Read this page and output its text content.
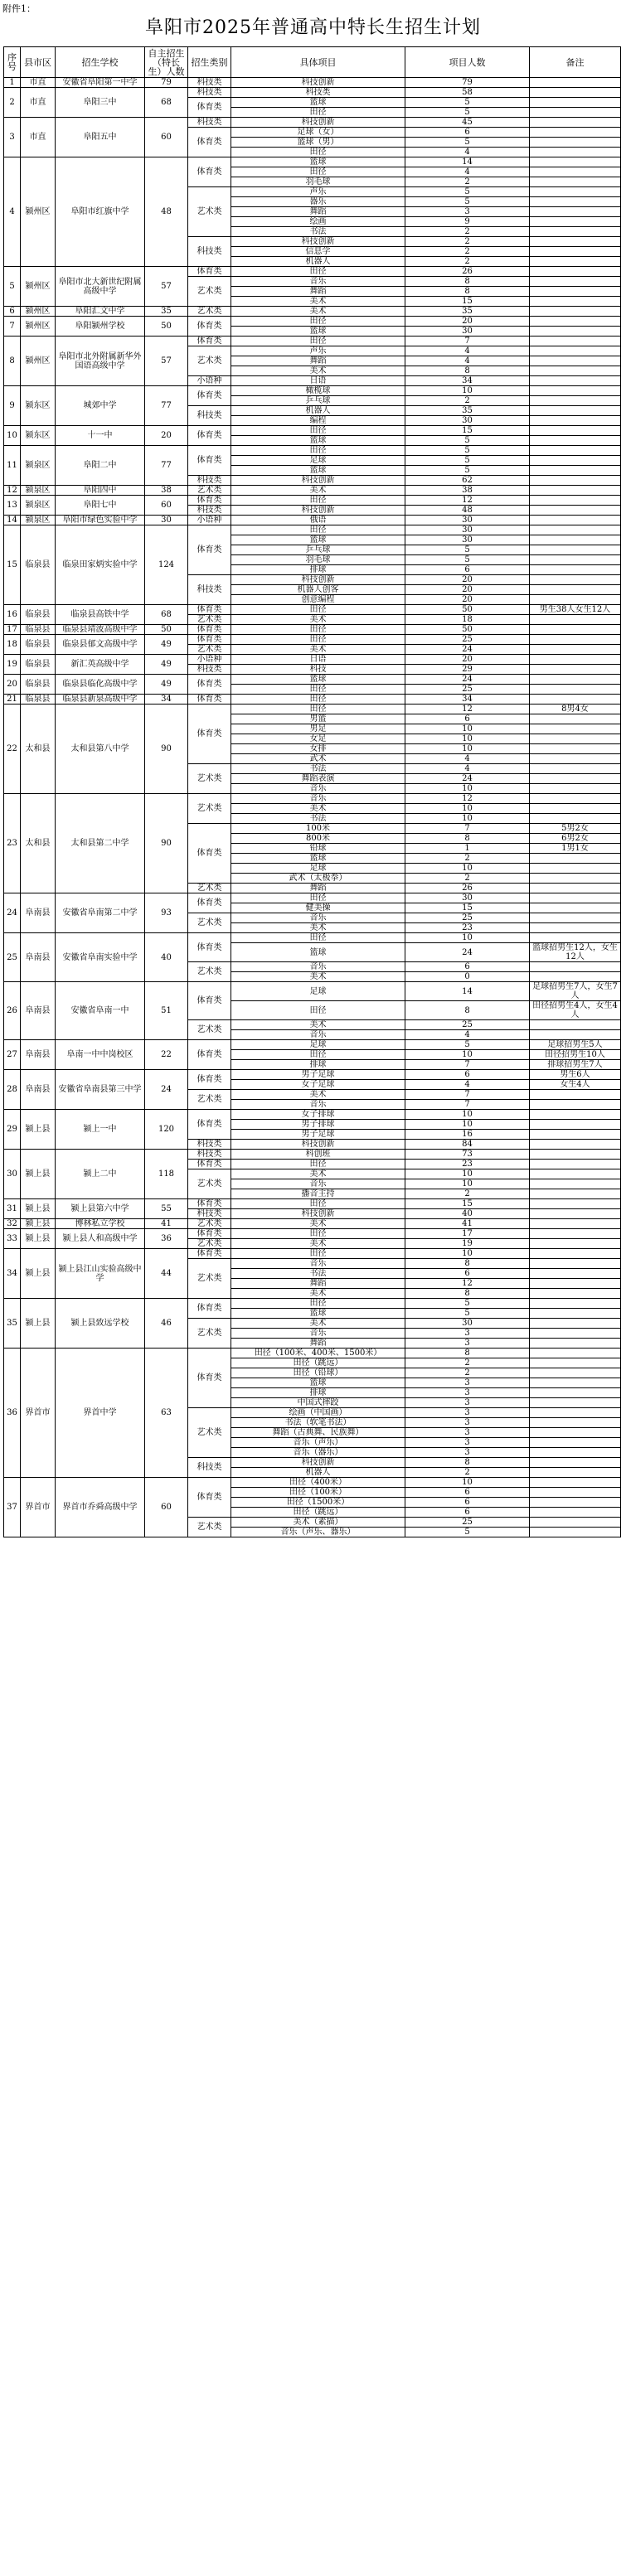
附件1：
阜阳市2025年普通高中特长生招生计划
序号	县市区	招生学校	自主招生（特长生）人数	招生类别	具体项目	项目人数	备注
1	市直	安徽省阜阳第一中学	79	科技类	科技创新	79	
2	市直	阜阳三中	68	科技类	科技类	58	
				体育类	篮球	5	
					田径	5	
3	市直	阜阳五中	60	科技类	科技创新	45	
				体育类	足球（女）	6	
					篮球（男）	5	
					田径	4	
4	颍州区	阜阳市红旗中学	48	体育类	篮球	14	
					田径	4	
					羽毛球	2	
				艺术类	声乐	5	
					器乐	5	
					舞蹈	3	
					绘画	9	
					书法	2	
				科技类	科技创新	2	
					信息学	2	
					机器人	2	
5	颍州区	阜阳市北大新世纪附属高级中学	57	体育类	田径	26	
				艺术类	音乐	8	
					舞蹈	8	
					美术	15	
6	颍州区	阜阳汇文中学	35	艺术类	美术	35	
7	颍州区	阜阳颍州学校	50	体育类	田径	20	
					篮球	30	
8	颍州区	阜阳市北外附属新华外国语高级中学	57	体育类	田径	7	
				艺术类	声乐	4	
					舞蹈	4	
					美术	8	
				小语种	日语	34	
9	颍东区	城郊中学	77	体育类	橄榄球	10	
					乒乓球	2	
				科技类	机器人	35	
					编程	30	
10	颍东区	十一中	20	体育类	田径	15	
					篮球	5	
11	颍泉区	阜阳二中	77	体育类	田径	5	
					足球	5	
					篮球	5	
				科技类	科技创新	62	
12	颍泉区	阜阳四中	38	艺术类	美术	38	
13	颍泉区	阜阳七中	60	体育类	田径	12	
				科技类	科技创新	48	
14	颍泉区	阜阳市绿色实验中学	30	小语种	俄语	30	
15	临泉县	临泉田家炳实验中学	124	体育类	田径	30	
					篮球	30	
					乒乓球	5	
					羽毛球	5	
					排球	6	
				科技类	科技创新	20	
					机器人创客	20	
					创意编程	20	
16	临泉县	临泉县高铁中学	68	体育类	田径	50	男生38人女生12人
				艺术类	美术	18	
17	临泉县	临泉县靖波高级中学	50	体育类	田径	50	
18	临泉县	临泉县郁文高级中学	49	体育类	田径	25	
				艺术类	美术	24	
19	临泉县	新汇英高级中学	49	小语种	日语	20	
				科技类	科技	29	
20	临泉县	临泉县临化高级中学	49	体育类	篮球	24	
					田径	25	
21	临泉县	临泉县新泉高级中学	34	体育类	田径	34	
22	太和县	太和县第八中学	90	体育类	田径	12	8男4女
					男篮	6	
					男足	10	
					女足	10	
					女排	10	
					武术	4	
				艺术类	书法	4	
					舞蹈表演	24	
					音乐	10	
23	太和县	太和县第二中学	90	艺术类	音乐	12	
					美术	10	
					书法	10	
				体育类	100米	7	5男2女
					800米	8	6男2女
					铅球	1	1男1女
					篮球	2	
					足球	10	
					武术（太极拳）	2	
				艺术类	舞蹈	26	
24	阜南县	安徽省阜南第二中学	93	体育类	田径	30	
					健美操	15	
				艺术类	音乐	25	
					美术	23	
25	阜南县	安徽省阜南实验中学	40	体育类	田径	10	
					篮球	24	篮球招男生12人，女生12人
				艺术类	音乐	6	
					美术	0	
26	阜南县	安徽省阜南一中	51	体育类	足球	14	足球招男生7人，女生7人
					田径	8	田径招男生4人，女生4人
				艺术类	美术	25	
					音乐	4	
27	阜南县	阜南一中中岗校区	22	体育类	足球	5	足球招男生5人
					田径	10	田径招男生10人
					排球	7	排球招男生7人
28	阜南县	安徽省阜南县第三中学	24	体育类	男子足球	6	男生6人
					女子足球	4	女生4人
				艺术类	美术	7	
					音乐	7	
29	颍上县	颍上一中	120	体育类	女子排球	10	
					男子排球	10	
					男子足球	16	
				科技类	科技创新	84	
30	颍上县	颍上二中	118	科技类	科创班	73	
				体育类	田径	23	
				艺术类	美术	10	
					音乐	10	
					播音主持	2	
31	颍上县	颍上县第六中学	55	体育类	田径	15	
				科技类	科技创新	40	
32	颍上县	博林私立学校	41	艺术类	美术	41	
33	颍上县	颍上县人和高级中学	36	体育类	田径	17	
				艺术类	美术	19	
34	颍上县	颍上县江山实验高级中学	44	体育类	田径	10	
				艺术类	音乐	8	
					书法	6	
					舞蹈	12	
					美术	8	
35	颍上县	颍上县致远学校	46	体育类	田径	5	
					篮球	5	
				艺术类	美术	30	
					音乐	3	
					舞蹈	3	
36	界首市	界首中学	63	体育类	田径（100米、400米、1500米）	8	
					田径（跳远）	2	
					田径（铅球）	2	
					篮球	3	
					排球	3	
					中国式摔跤	3	
				艺术类	绘画（中国画）	3	
					书法（软笔书法）	3	
					舞蹈（古典舞、民族舞）	3	
					音乐（声乐）	3	
					音乐（器乐）	3	
				科技类	科技创新	8	
					机器人	2	
37	界首市	界首市乔舜高级中学	60	体育类	田径（400米）	10	
					田径（100米）	6	
					田径（1500米）	6	
					田径（跳远）	6	
				艺术类	美术（素描）	25	
					音乐（声乐、器乐）	5	
